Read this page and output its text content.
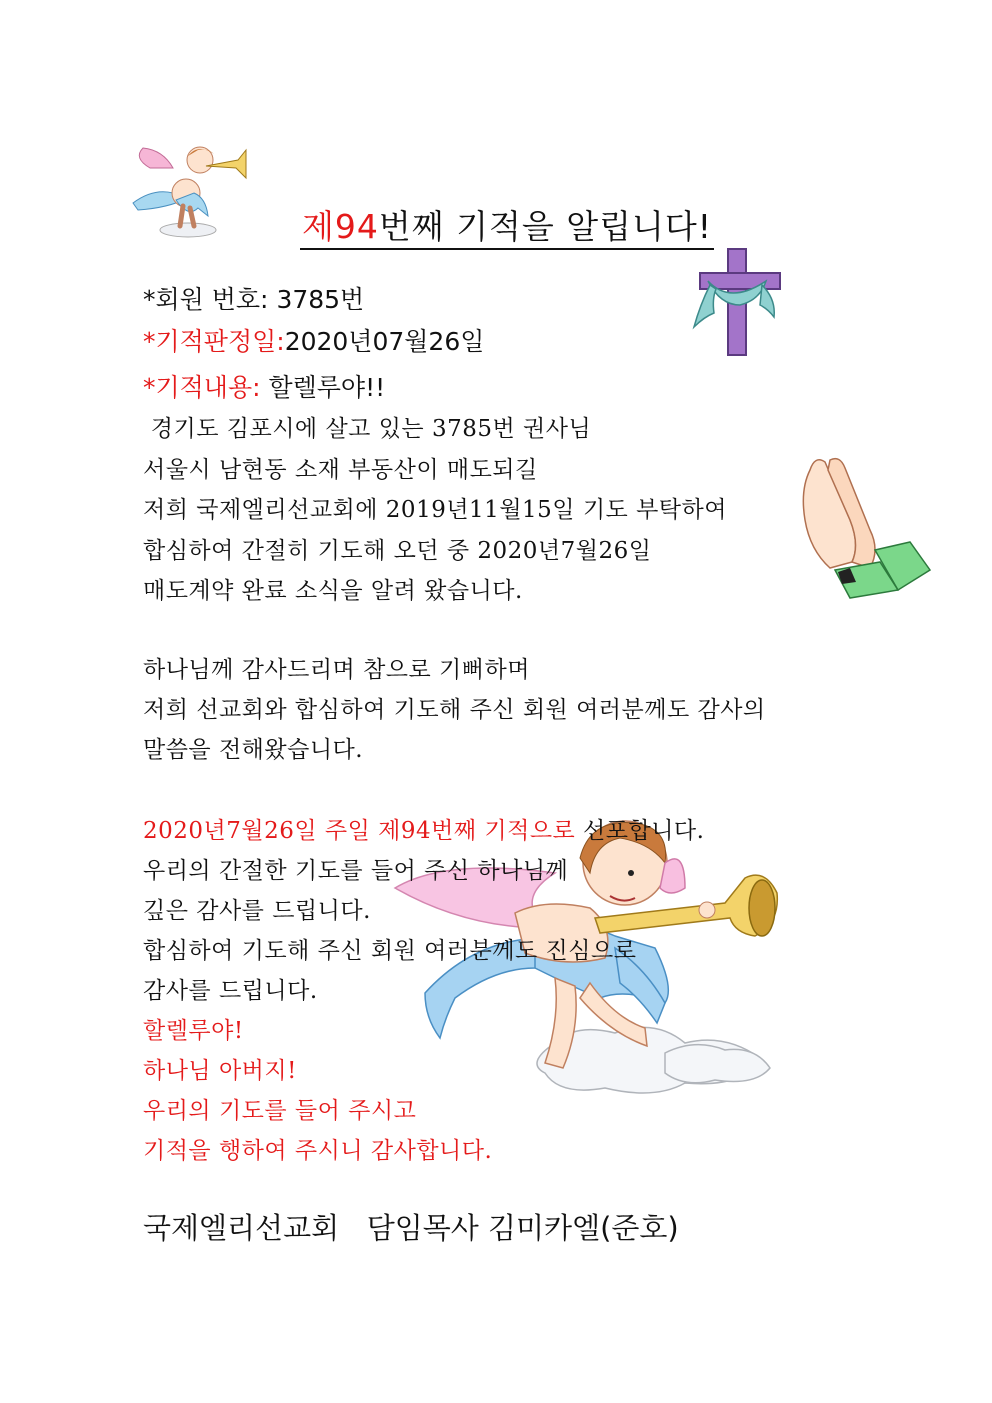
제94번째 기적을 알립니다!
*회원 번호: 3785번
*기적판정일:2020년07월26일
*기적내용: 할렐루야!!
경기도 김포시에 살고 있는 3785번 권사님
서울시 남현동 소재 부동산이 매도되길
저희 국제엘리선교회에 2019년11월15일 기도 부탁하여
합심하여 간절히 기도해 오던 중 2020년7월26일
매도계약 완료 소식을 알려 왔습니다.
하나님께 감사드리며 참으로 기뻐하며
저희 선교회와 합심하여 기도해 주신 회원 여러분께도 감사의
말씀을 전해왔습니다.
2020년7월26일 주일 제94번째 기적으로 선포합니다.
우리의 간절한 기도를 들어 주신 하나님께
깊은 감사를 드립니다.
합심하여 기도해 주신 회원 여러분께도 진심으로
감사를 드립니다.
할렐루야!
하나님 아버지!
우리의 기도를 들어 주시고
기적을 행하여 주시니 감사합니다.
국제엘리선교회   담임목사 김미카엘(준호)
